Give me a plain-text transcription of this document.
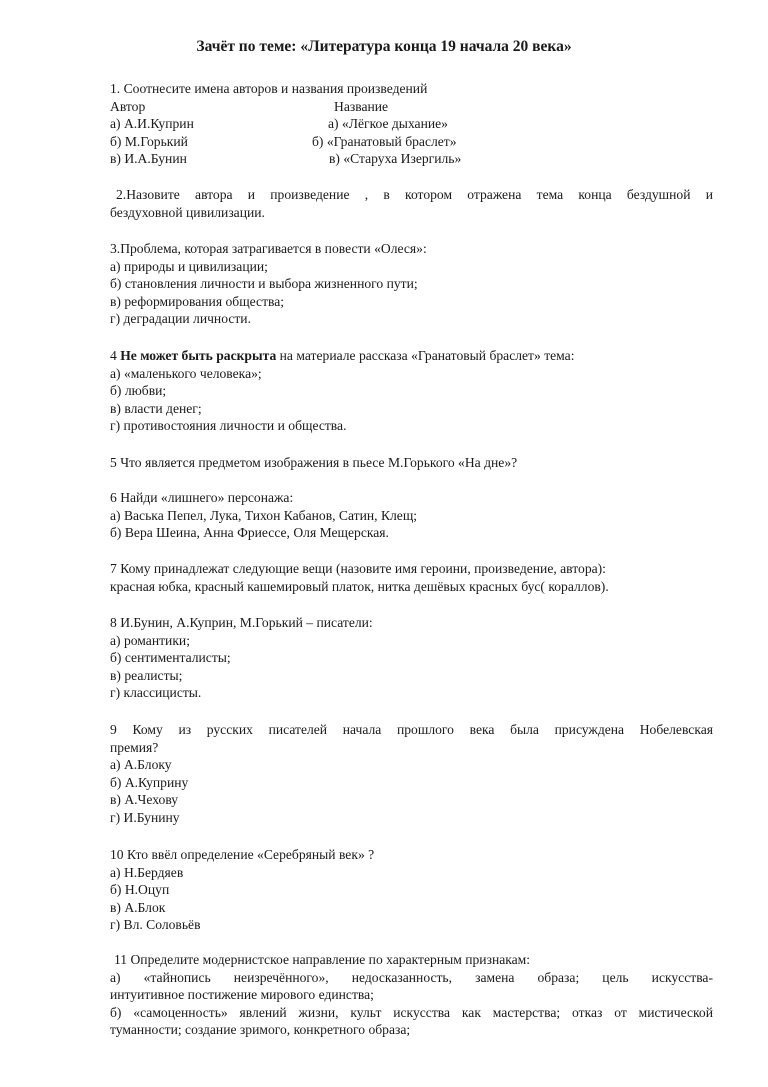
Зачёт по теме: «Литература конца 19 начала 20 века»
1. Соотнесите имена авторов и названия произведений
Автор	Название
а) А.И.Куприн	а) «Лёгкое дыхание»
б) М.Горький	б) «Гранатовый браслет»
в) И.А.Бунин	в) «Старуха Изергиль»
2.Назовите автора и произведение , в котором отражена тема конца бездушной и
бездуховной цивилизации.
3.Проблема, которая затрагивается в повести «Олеся»:
а) природы и цивилизации;
б) становления личности и выбора жизненного пути;
в) реформирования общества;
г) деградации личности.
4 Не может быть раскрыта на материале рассказа «Гранатовый браслет» тема:
а) «маленького человека»;
б) любви;
в) власти денег;
г) противостояния личности и общества.
5 Что является предметом изображения в пьесе М.Горького «На дне»?
6 Найди «лишнего» персонажа:
а) Васька Пепел, Лука, Тихон Кабанов, Сатин, Клещ;
б) Вера Шеина, Анна Фриессе, Оля Мещерская.
7 Кому принадлежат следующие вещи (назовите имя героини, произведение, автора):
красная юбка, красный кашемировый платок, нитка дешёвых красных бус( кораллов).
8 И.Бунин, А.Куприн, М.Горький – писатели:
а) романтики;
б) сентименталисты;
в) реалисты;
г) классицисты.
9 Кому из русских писателей начала прошлого века была присуждена Нобелевская
премия?
а) А.Блоку
б) А.Куприну
в) А.Чехову
г) И.Бунину
10 Кто ввёл определение «Серебряный век» ?
а) Н.Бердяев
б) Н.Оцуп
в) А.Блок
г) Вл. Соловьёв
11 Определите модернистское направление по характерным признакам:
а) «тайнопись неизречённого», недосказанность, замена образа; цель искусства-
интуитивное постижение мирового единства;
б) «самоценность» явлений жизни, культ искусства как мастерства; отказ от мистической
туманности; создание зримого, конкретного образа;
